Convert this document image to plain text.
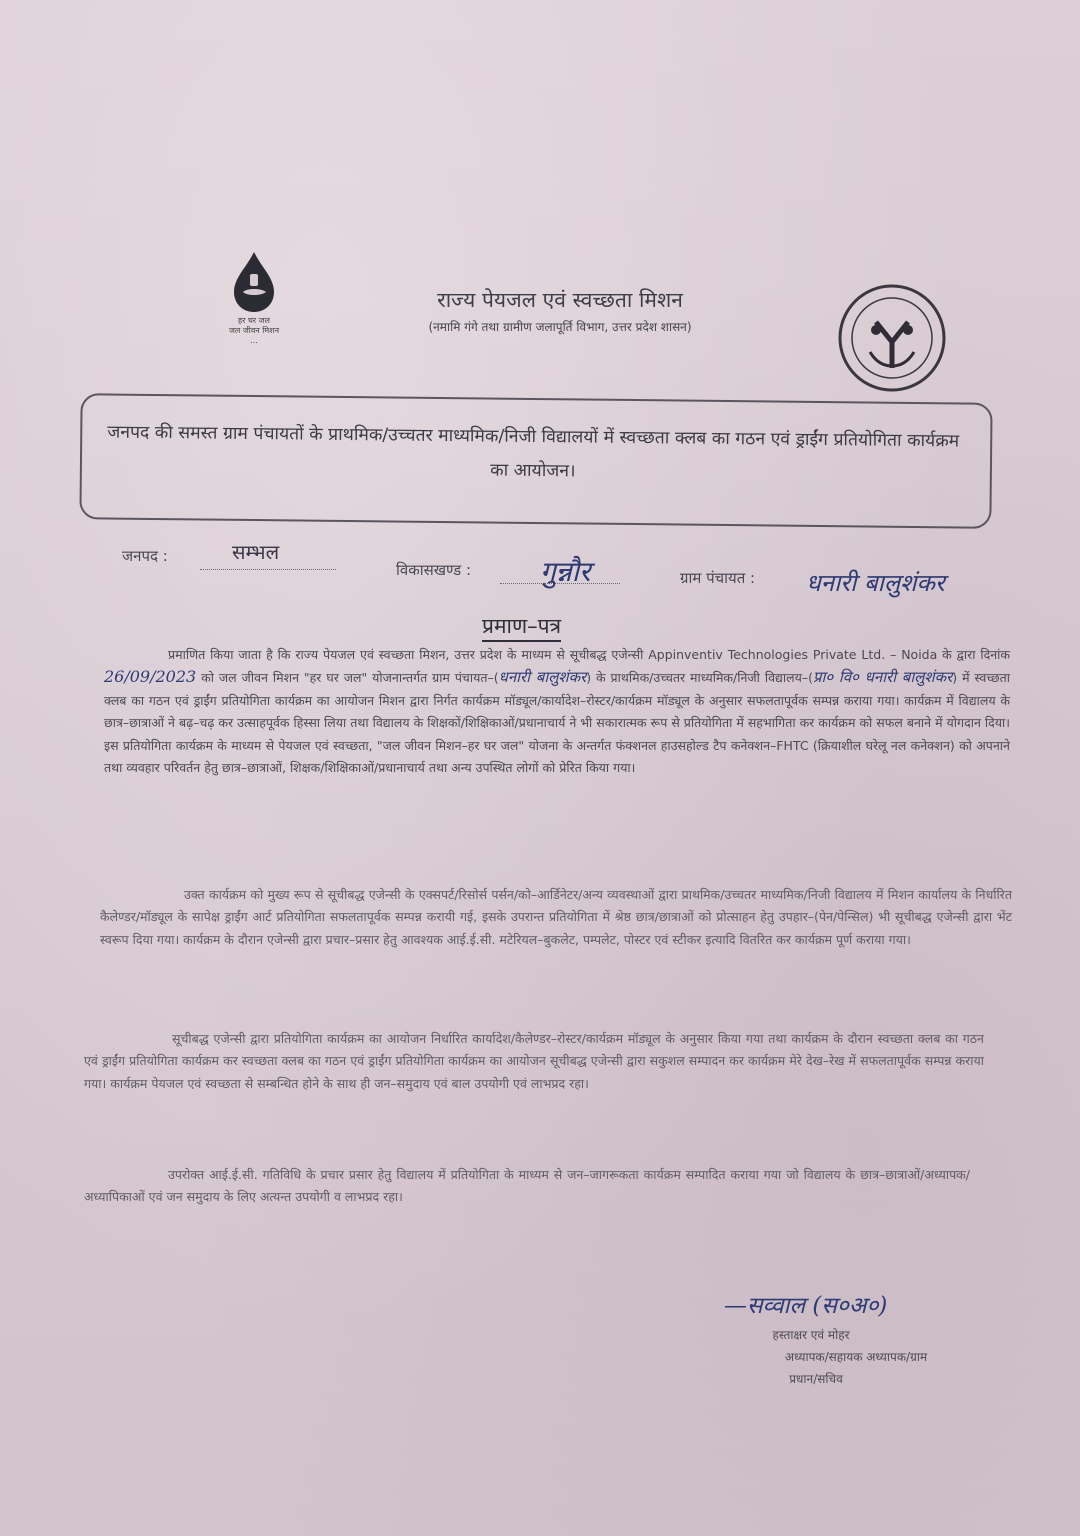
हर घर जल
जल जीवन मिशन
...
राज्य पेयजल एवं स्वच्छता मिशन
(नमामि गंगे तथा ग्रामीण जलापूर्ति विभाग, उत्तर प्रदेश शासन)
जनपद की समस्त ग्राम पंचायतों के प्राथमिक/उच्चतर माध्यमिक/निजी विद्यालयों में स्वच्छता क्लब का गठन एवं ड्राईंग प्रतियोगिता कार्यक्रम का आयोजन।
जनपद :	सम्भल
विकासखण्ड : गुन्नौर	ग्राम पंचायत : धनारी बालुशंकर
प्रमाण–पत्र
प्रमाणित किया जाता है कि राज्य पेयजल एवं स्वच्छता मिशन, उत्तर प्रदेश के माध्यम से सूचीबद्ध एजेन्सी Appinventiv Technologies Private Ltd. – Noida के द्वारा दिनांक 26/09/2023 को जल जीवन मिशन "हर घर जल" योजनान्तर्गत ग्राम पंचायत–(धनारी बालुशंकर) के प्राथमिक/उच्चतर माध्यमिक/निजी विद्यालय–(प्रा० वि० धनारी बालुशंकर) में स्वच्छता क्लब का गठन एवं ड्राईंग प्रतियोगिता कार्यक्रम का आयोजन मिशन द्वारा निर्गत कार्यक्रम मॉड्यूल/कार्यादेश–रोस्टर/कार्यक्रम मॉड्यूल के अनुसार सफलतापूर्वक सम्पन्न कराया गया। कार्यक्रम में विद्यालय के छात्र–छात्राओं ने बढ़–चढ़ कर उत्साहपूर्वक हिस्सा लिया तथा विद्यालय के शिक्षकों/शिक्षिकाओं/प्रधानाचार्य ने भी सकारात्मक रूप से प्रतियोगिता में सहभागिता कर कार्यक्रम को सफल बनाने में योगदान दिया। इस प्रतियोगिता कार्यक्रम के माध्यम से पेयजल एवं स्वच्छता, "जल जीवन मिशन–हर घर जल" योजना के अन्तर्गत फंक्शनल हाउसहोल्ड टैप कनेक्शन–FHTC (क्रियाशील घरेलू नल कनेक्शन) को अपनाने तथा व्यवहार परिवर्तन हेतु छात्र–छात्राओं, शिक्षक/शिक्षिकाओं/प्रधानाचार्य तथा अन्य उपस्थित लोगों को प्रेरित किया गया।
उक्त कार्यक्रम को मुख्य रूप से सूचीबद्ध एजेन्सी के एक्सपर्ट/रिसोर्स पर्सन/को–आर्डिनेटर/अन्य व्यवस्थाओं द्वारा प्राथमिक/उच्चतर माध्यमिक/निजी विद्यालय में मिशन कार्यालय के निर्धारित कैलेण्डर/मॉड्यूल के सापेक्ष ड्राईंग आर्ट प्रतियोगिता सफलतापूर्वक सम्पन्न करायी गई, इसके उपरान्त प्रतियोगिता में श्रेष्ठ छात्र/छात्राओं को प्रोत्साहन हेतु उपहार–(पेन/पेन्सिल) भी सूचीबद्ध एजेन्सी द्वारा भेंट स्वरूप दिया गया। कार्यक्रम के दौरान एजेन्सी द्वारा प्रचार–प्रसार हेतु आवश्यक आई.ई.सी. मटेरियल–बुकलेट, पम्पलेट, पोस्टर एवं स्टीकर इत्यादि वितरित कर कार्यक्रम पूर्ण कराया गया।
सूचीबद्ध एजेन्सी द्वारा प्रतियोगिता कार्यक्रम का आयोजन निर्धारित कार्यादेश/कैलेण्डर–रोस्टर/कार्यक्रम मॉड्यूल के अनुसार किया गया तथा कार्यक्रम के दौरान स्वच्छता क्लब का गठन एवं ड्राईंग प्रतियोगिता कार्यक्रम कर स्वच्छता क्लब का गठन एवं ड्राईंग प्रतियोगिता कार्यक्रम का आयोजन सूचीबद्ध एजेन्सी द्वारा सकुशल सम्पादन कर कार्यक्रम मेरे देख–रेख में सफलतापूर्वक सम्पन्न कराया गया। कार्यक्रम पेयजल एवं स्वच्छता से सम्बन्धित होने के साथ ही जन–समुदाय एवं बाल उपयोगी एवं लाभप्रद रहा।
उपरोक्त आई.ई.सी. गतिविधि के प्रचार प्रसार हेतु विद्यालय में प्रतियोगिता के माध्यम से जन–जागरूकता कार्यक्रम सम्पादित कराया गया जो विद्यालय के छात्र–छात्राओं/अध्यापक/अध्यापिकाओं एवं जन समुदाय के लिए अत्यन्त उपयोगी व लाभप्रद रहा।
—सव्वाल (स०अ०)
हस्ताक्षर एवं मोहर
अध्यापक/सहायक अध्यापक/ग्राम
प्रधान/सचिव
